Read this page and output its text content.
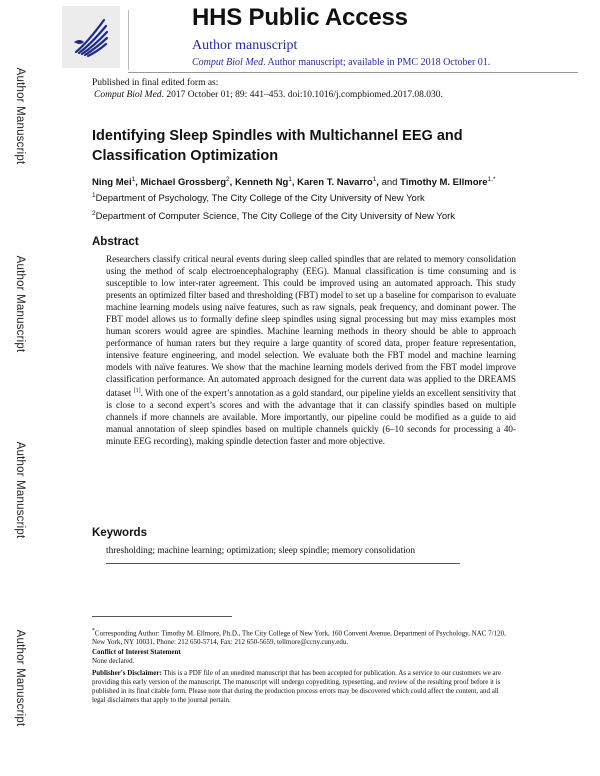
Author Manuscript
Author Manuscript
Author Manuscript
Author Manuscript
HHS Public Access
Author manuscript
Comput Biol Med. Author manuscript; available in PMC 2018 October 01.
Published in final edited form as:
Comput Biol Med. 2017 October 01; 89: 441–453. doi:10.1016/j.compbiomed.2017.08.030.
Identifying Sleep Spindles with Multichannel EEG and Classification Optimization
Ning Mei$^1$, Michael Grossberg$^2$, Kenneth Ng$^1$, Karen T. Navarro$^1$, and Timothy M. Ellmore$^{1,*}$
$^1$Department of Psychology, The City College of the City University of New York
$^2$Department of Computer Science, The City College of the City University of New York
Abstract
Researchers classify critical neural events during sleep called spindles that are related to memory consolidation using the method of scalp electroencephalography (EEG). Manual classification is time consuming and is susceptible to low inter-rater agreement. This could be improved using an automated approach. This study presents an optimized filter based and thresholding (FBT) model to set up a baseline for comparison to evaluate machine learning models using naïve features, such as raw signals, peak frequency, and dominant power. The FBT model allows us to formally define sleep spindles using signal processing but may miss examples most human scorers would agree are spindles. Machine learning methods in theory should be able to approach performance of human raters but they require a large quantity of scored data, proper feature representation, intensive feature engineering, and model selection. We evaluate both the FBT model and machine learning models with naïve features. We show that the machine learning models derived from the FBT model improve classification performance. An automated approach designed for the current data was applied to the DREAMS dataset [1]. With one of the expert’s annotation as a gold standard, our pipeline yields an excellent sensitivity that is close to a second expert’s scores and with the advantage that it can classify spindles based on multiple channels if more channels are available. More importantly, our pipeline could be modified as a guide to aid manual annotation of sleep spindles based on multiple channels quickly (6–10 seconds for processing a 40-minute EEG recording), making spindle detection faster and more objective.
Keywords
thresholding; machine learning; optimization; sleep spindle; memory consolidation
*Corresponding Author: Timothy M. Ellmore, Ph.D., The City College of New York, 160 Convent Avenue, Department of Psychology, NAC 7/120, New York, NY 10031, Phone: 212 650-5714, Fax: 212 650-5659, tellmore@ccny.cuny.edu.
Conflict of Interest Statement
None declared.
Publisher's Disclaimer: This is a PDF file of an unedited manuscript that has been accepted for publication. As a service to our customers we are providing this early version of the manuscript. The manuscript will undergo copyediting, typesetting, and review of the resulting proof before it is published in its final citable form. Please note that during the production process errors may be discovered which could affect the content, and all legal disclaimers that apply to the journal pertain.
